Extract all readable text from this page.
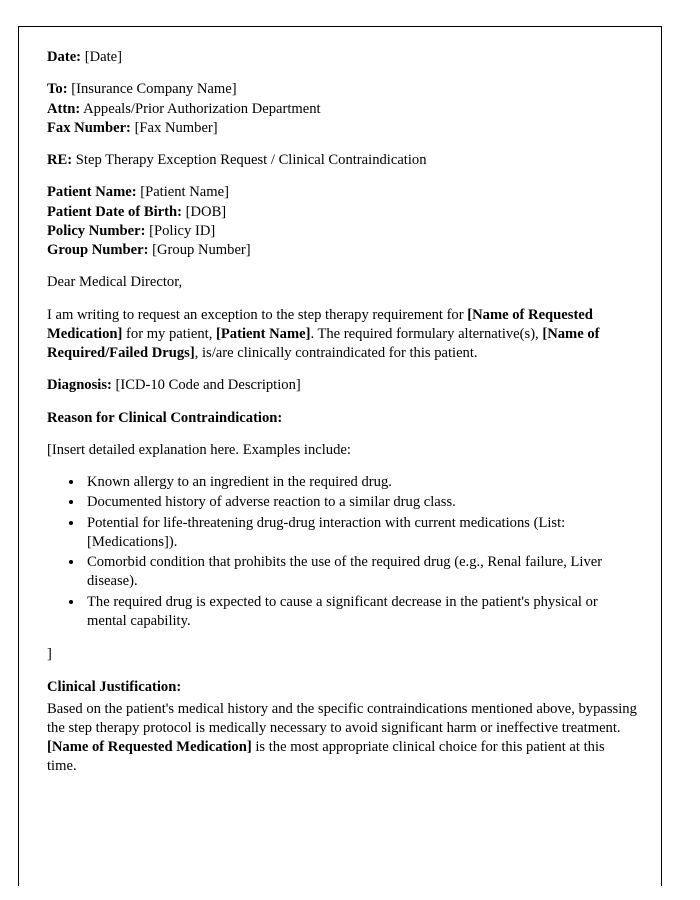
Date: [Date]
To: [Insurance Company Name]
Attn: Appeals/Prior Authorization Department
Fax Number: [Fax Number]
RE: Step Therapy Exception Request / Clinical Contraindication
Patient Name: [Patient Name]
Patient Date of Birth: [DOB]
Policy Number: [Policy ID]
Group Number: [Group Number]
Dear Medical Director,
I am writing to request an exception to the step therapy requirement for [Name of Requested Medication] for my patient, [Patient Name]. The required formulary alternative(s), [Name of Required/Failed Drugs], is/are clinically contraindicated for this patient.
Diagnosis: [ICD-10 Code and Description]
Reason for Clinical Contraindication:
[Insert detailed explanation here. Examples include:
• Known allergy to an ingredient in the required drug.
• Documented history of adverse reaction to a similar drug class.
• Potential for life-threatening drug-drug interaction with current medications (List: [Medications]).
• Comorbid condition that prohibits the use of the required drug (e.g., Renal failure, Liver disease).
• The required drug is expected to cause a significant decrease in the patient's physical or mental capability.
]
Clinical Justification:
Based on the patient's medical history and the specific contraindications mentioned above, bypassing the step therapy protocol is medically necessary to avoid significant harm or ineffective treatment. [Name of Requested Medication] is the most appropriate clinical choice for this patient at this time.
